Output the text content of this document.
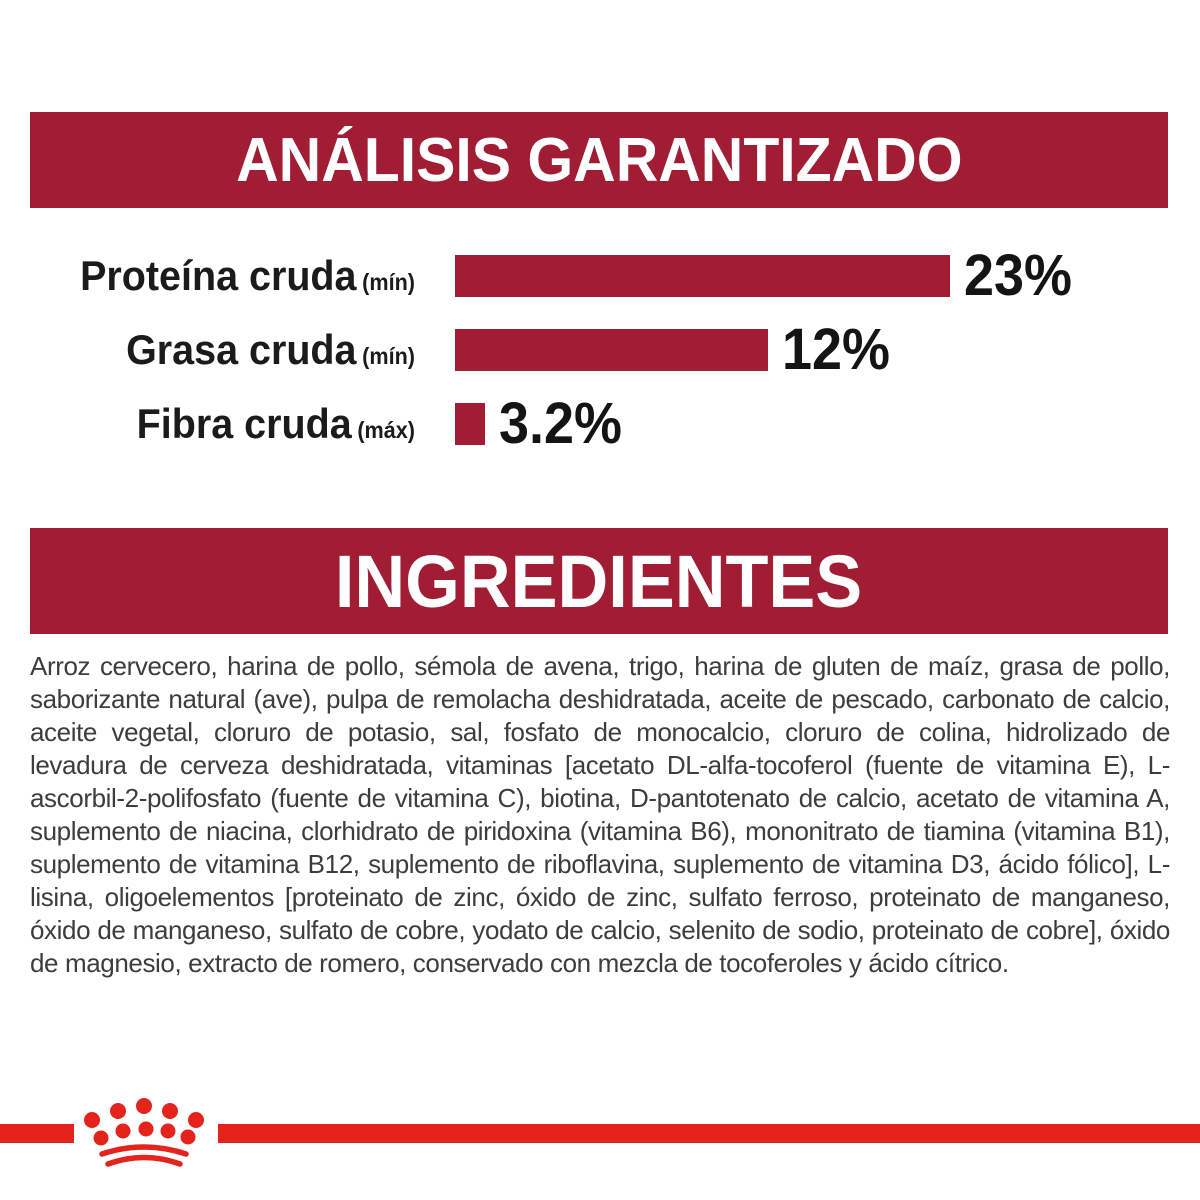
ANÁLISIS GARANTIZADO
Proteína cruda (mín)	23%
Grasa cruda (mín)	12%
Fibra cruda (máx) 3.2%
INGREDIENTES

Arroz cervecero, harina de pollo, sémola de avena, trigo, harina de gluten de maíz, grasa de pollo, saborizante natural (ave), pulpa de remolacha deshidratada, aceite de pescado, carbonato de calcio, aceite vegetal, cloruro de potasio, sal, fosfato de monocalcio, cloruro de colina, hidrolizado de levadura de cerveza deshidratada, vitaminas [acetato DL-alfa-tocoferol (fuente de vitamina E), L-ascorbil-2-polifosfato (fuente de vitamina C), biotina, D-pantotenato de calcio, acetato de vitamina A, suplemento de niacina, clorhidrato de piridoxina (vitamina B6), mononitrato de tiamina (vitamina B1), suplemento de vitamina B12, suplemento de riboflavina, suplemento de vitamina D3, ácido fólico], L-lisina, oligoelementos [proteinato de zinc, óxido de zinc, sulfato ferroso, proteinato de manganeso, óxido de manganeso, sulfato de cobre, yodato de calcio, selenito de sodio, proteinato de cobre], óxido de magnesio, extracto de romero, conservado con mezcla de tocoferoles y ácido cítrico.
